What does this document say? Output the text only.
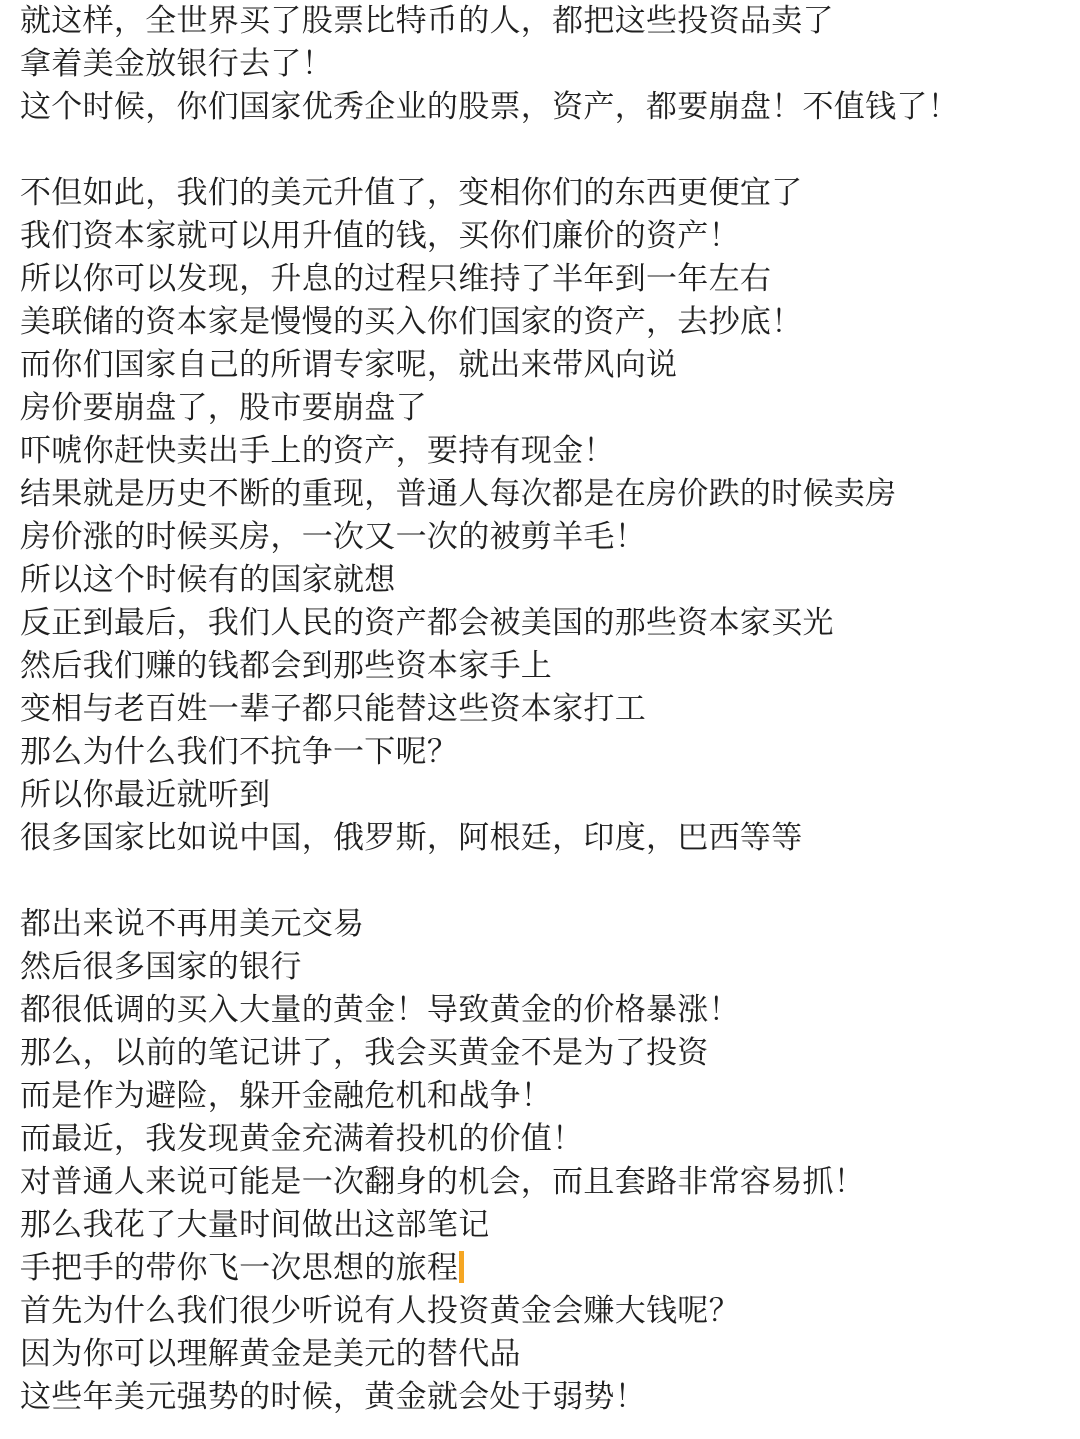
就这样，全世界买了股票比特币的人，都把这些投资品卖了
拿着美金放银行去了！
这个时候，你们国家优秀企业的股票，资产，都要崩盘！不值钱了！
不但如此，我们的美元升值了，变相你们的东西更便宜了
我们资本家就可以用升值的钱，买你们廉价的资产！
所以你可以发现，升息的过程只维持了半年到一年左右
美联储的资本家是慢慢的买入你们国家的资产，去抄底！
而你们国家自己的所谓专家呢，就出来带风向说
房价要崩盘了，股市要崩盘了
吓唬你赶快卖出手上的资产，要持有现金！
结果就是历史不断的重现，普通人每次都是在房价跌的时候卖房
房价涨的时候买房，一次又一次的被剪羊毛！
所以这个时候有的国家就想
反正到最后，我们人民的资产都会被美国的那些资本家买光
然后我们赚的钱都会到那些资本家手上
变相与老百姓一辈子都只能替这些资本家打工
那么为什么我们不抗争一下呢？
所以你最近就听到
很多国家比如说中国，俄罗斯，阿根廷，印度，巴西等等
都出来说不再用美元交易
然后很多国家的银行
都很低调的买入大量的黄金！导致黄金的价格暴涨！
那么，以前的笔记讲了，我会买黄金不是为了投资
而是作为避险，躲开金融危机和战争！
而最近，我发现黄金充满着投机的价值！
对普通人来说可能是一次翻身的机会，而且套路非常容易抓！
那么我花了大量时间做出这部笔记
手把手的带你飞一次思想的旅程
首先为什么我们很少听说有人投资黄金会赚大钱呢？
因为你可以理解黄金是美元的替代品
这些年美元强势的时候，黄金就会处于弱势！
